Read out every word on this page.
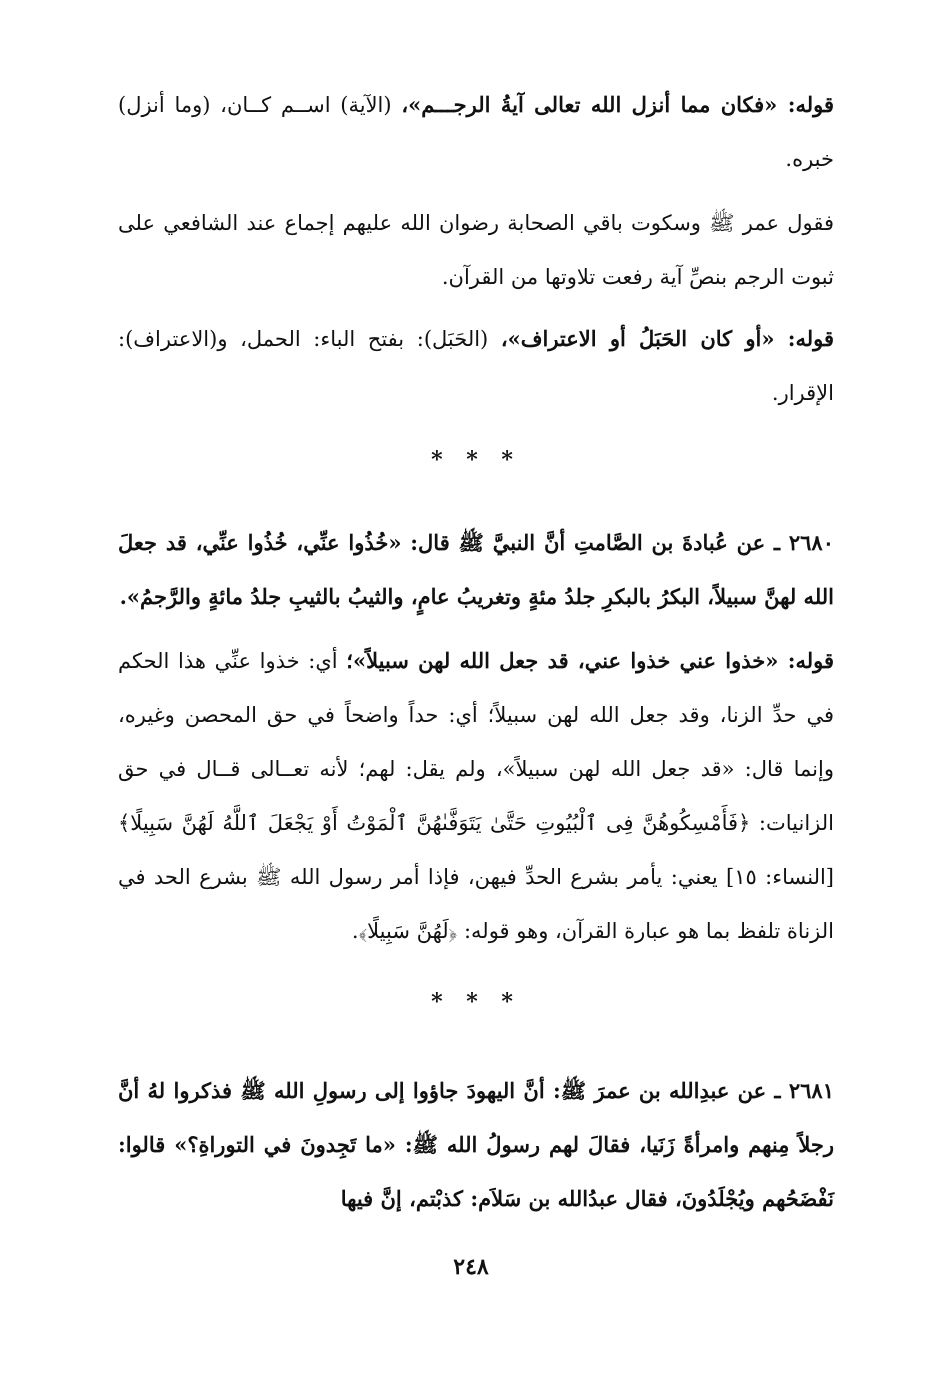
قوله: «فكان مما أنزل الله تعالى آيةُ الرجـــم»، (الآية) اســم كــان، (وما أنزل) خبره.

فقول عمر ﷺ وسكوت باقي الصحابة رضوان الله عليهم إجماع عند الشافعي على ثبوت الرجم بنصِّ آية رفعت تلاوتها من القرآن.

قوله: «أو كان الحَبَلُ أو الاعتراف»، (الحَبَل): بفتح الباء: الحمل، و(الاعتراف): الإقرار.

* * *

٢٦٨٠ ـ عن عُبادةَ بن الصَّامتِ أنَّ النبيَّ ﷺ قال: «خُذُوا عنِّي، خُذُوا عنِّي، قد جعلَ الله لهنَّ سبيلاً، البكرُ بالبكرِ جلدُ مئةٍ وتغريبُ عامٍ، والثيبُ بالثيبِ جلدُ مائةٍ والرَّجمُ».

قوله: «خذوا عني خذوا عني، قد جعل الله لهن سبيلاً»؛ أي: خذوا عنِّي هذا الحكم في حدِّ الزنا، وقد جعل الله لهن سبيلاً؛ أي: حداً واضحاً في حق المحصن وغيره، وإنما قال: «قد جعل الله لهن سبيلاً»، ولم يقل: لهم؛ لأنه تعــالى قــال في حق الزانيات: ﴿فَأَمْسِكُوهُنَّ فِى ٱلْبُيُوتِ حَتَّىٰ يَتَوَفَّىٰهُنَّ ٱلْمَوْتُ أَوْ يَجْعَلَ ٱللَّهُ لَهُنَّ سَبِيلًا﴾[النساء: ١٥] يعني: يأمر بشرع الحدِّ فيهن، فإذا أمر رسول الله ﷺ بشرع الحد في الزناة تلفظ بما هو عبارة القرآن، وهو قوله: ﴿لَهُنَّ سَبِيلًا﴾.

* * *

٢٦٨١ ـ عن عبدِالله بن عمرَ ﷺ: أنَّ اليهودَ جاؤوا إلى رسولِ الله ﷺ فذكروا لهُ أنَّ رجلاً مِنهم وامرأةً زَنَيا، فقالَ لهم رسولُ الله ﷺ: «ما تَجِدونَ في التوراةِ؟» قالوا: نَفْضَحُهم ويُجْلَدُونَ، فقال عبدُالله بن سَلاَم: كذبْتم، إنَّ فيها

٢٤٨
